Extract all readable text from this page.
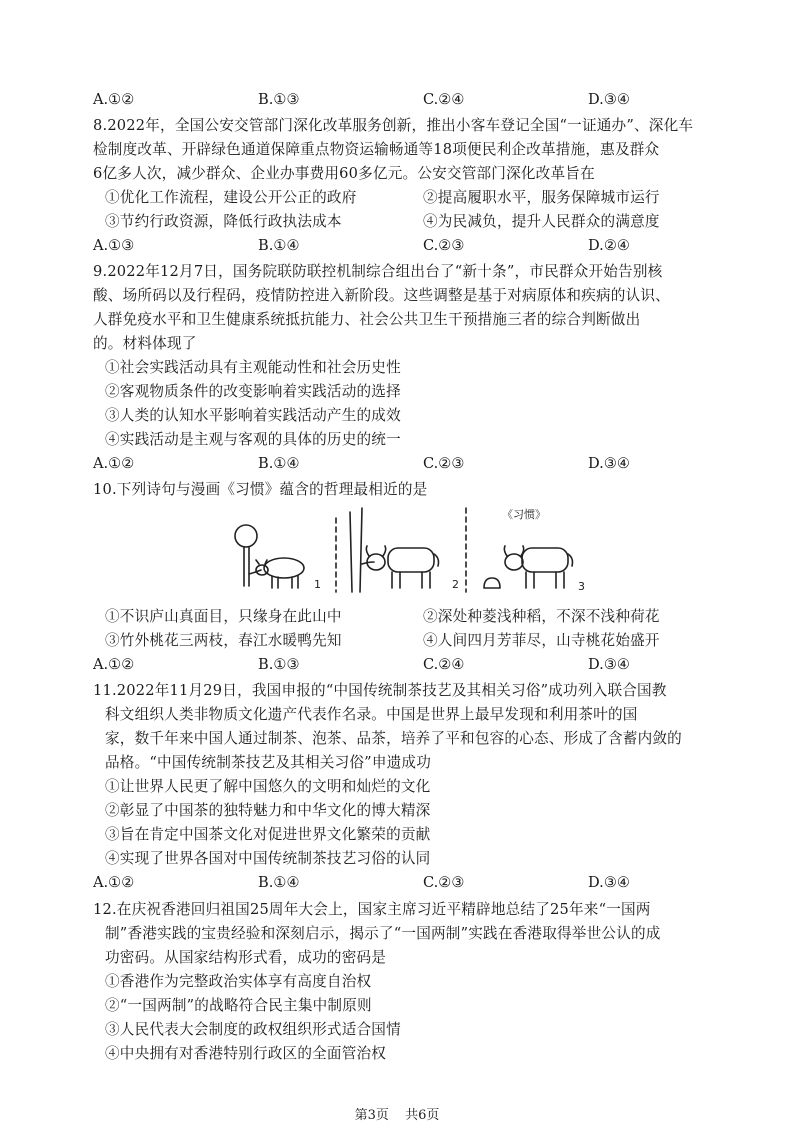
A.①②	B.①③	C.②④	D.③④
8.2022年，全国公安交管部门深化改革服务创新，推出小客车登记全国“一证通办”、深化车
检制度改革、开辟绿色通道保障重点物资运输畅通等18项便民利企改革措施，惠及群众
6亿多人次，减少群众、企业办事费用60多亿元。公安交管部门深化改革旨在
①优化工作流程，建设公开公正的政府	②提高履职水平，服务保障城市运行
③节约行政资源，降低行政执法成本	④为民减负，提升人民群众的满意度
A.①③	B.①④	C.②③	D.②④
9.2022年12月7日，国务院联防联控机制综合组出台了“新十条”，市民群众开始告别核
酸、场所码以及行程码，疫情防控进入新阶段。这些调整是基于对病原体和疾病的认识、
人群免疫水平和卫生健康系统抵抗能力、社会公共卫生干预措施三者的综合判断做出
的。材料体现了
①社会实践活动具有主观能动性和社会历史性
②客观物质条件的改变影响着实践活动的选择
③人类的认知水平影响着实践活动产生的成效
④实践活动是主观与客观的具体的历史的统一
A.①②	B.①④	C.②③	D.③④
10.下列诗句与漫画《习惯》蕴含的哲理最相近的是
1	2	3
《习惯》
①不识庐山真面目，只缘身在此山中	②深处种菱浅种稻，不深不浅种荷花
③竹外桃花三两枝，春江水暖鸭先知	④人间四月芳菲尽，山寺桃花始盛开
A.①②	B.①③	C.②④	D.③④
11.2022年11月29日，我国申报的“中国传统制茶技艺及其相关习俗”成功列入联合国教
科文组织人类非物质文化遗产代表作名录。中国是世界上最早发现和利用茶叶的国
家，数千年来中国人通过制茶、泡茶、品茶，培养了平和包容的心态、形成了含蓄内敛的
品格。“中国传统制茶技艺及其相关习俗”申遗成功
①让世界人民更了解中国悠久的文明和灿烂的文化
②彰显了中国茶的独特魅力和中华文化的博大精深
③旨在肯定中国茶文化对促进世界文化繁荣的贡献
④实现了世界各国对中国传统制茶技艺习俗的认同
A.①②	B.①④	C.②③	D.③④
12.在庆祝香港回归祖国25周年大会上，国家主席习近平精辟地总结了25年来“一国两
制”香港实践的宝贵经验和深刻启示，揭示了“一国两制”实践在香港取得举世公认的成
功密码。从国家结构形式看，成功的密码是
①香港作为完整政治实体享有高度自治权
②“一国两制”的战略符合民主集中制原则
③人民代表大会制度的政权组织形式适合国情
④中央拥有对香港特别行政区的全面管治权
第3页 共6页
